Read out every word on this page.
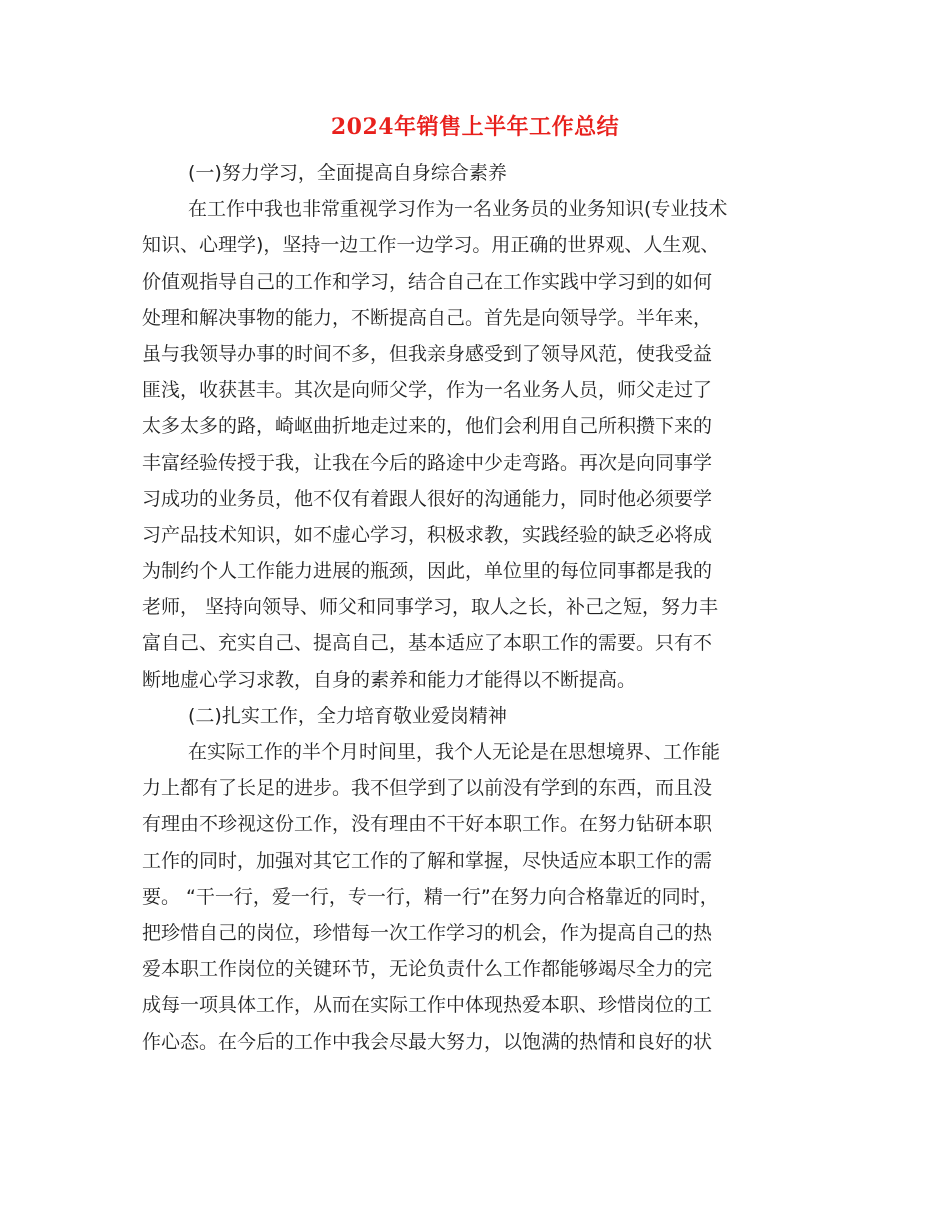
2024年销售上半年工作总结
(一)努力学习，全面提高自身综合素养
在工作中我也非常重视学习作为一名业务员的业务知识(专业技术
知识、心理学)，坚持一边工作一边学习。用正确的世界观、人生观、
价值观指导自己的工作和学习，结合自己在工作实践中学习到的如何
处理和解决事物的能力，不断提高自己。首先是向领导学。半年来，
虽与我领导办事的时间不多，但我亲身感受到了领导风范，使我受益
匪浅，收获甚丰。其次是向师父学，作为一名业务人员，师父走过了
太多太多的路，崎岖曲折地走过来的，他们会利用自己所积攒下来的
丰富经验传授于我，让我在今后的路途中少走弯路。再次是向同事学
习成功的业务员，他不仅有着跟人很好的沟通能力，同时他必须要学
习产品技术知识，如不虚心学习，积极求教，实践经验的缺乏必将成
为制约个人工作能力进展的瓶颈，因此，单位里的每位同事都是我的
老师， 坚持向领导、师父和同事学习，取人之长，补己之短，努力丰
富自己、充实自己、提高自己，基本适应了本职工作的需要。只有不
断地虚心学习求教，自身的素养和能力才能得以不断提高。
(二)扎实工作，全力培育敬业爱岗精神
在实际工作的半个月时间里，我个人无论是在思想境界、工作能
力上都有了长足的进步。我不但学到了以前没有学到的东西，而且没
有理由不珍视这份工作，没有理由不干好本职工作。在努力钻研本职
工作的同时，加强对其它工作的了解和掌握，尽快适应本职工作的需
要。 “干一行，爱一行，专一行，精一行”在努力向合格靠近的同时，
把珍惜自己的岗位，珍惜每一次工作学习的机会，作为提高自己的热
爱本职工作岗位的关键环节，无论负责什么工作都能够竭尽全力的完
成每一项具体工作，从而在实际工作中体现热爱本职、珍惜岗位的工
作心态。在今后的工作中我会尽最大努力，以饱满的热情和良好的状
